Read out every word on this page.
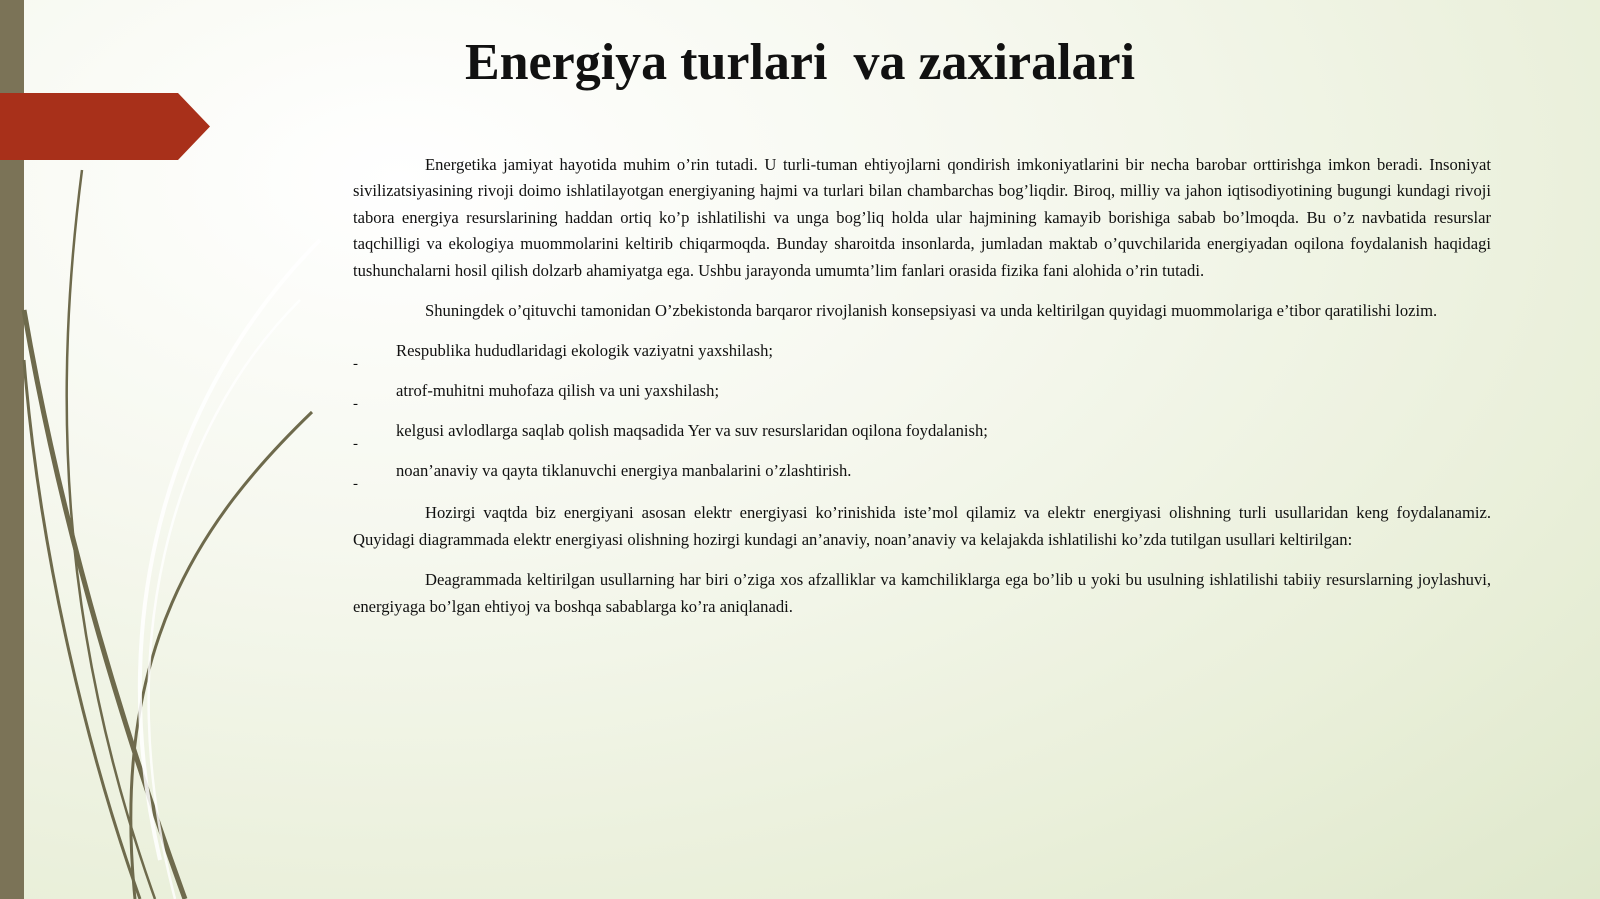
Energiya turlari  va zaxiralari

Energetika jamiyat hayotida muhim o’rin tutadi. U turli-tuman ehtiyojlarni qondirish imkoniyatlarini bir necha barobar orttirishga imkon beradi. Insoniyat sivilizatsiyasining rivoji doimo ishlatilayotgan energiyaning hajmi va turlari bilan chambarchas bog’liqdir. Biroq, milliy va jahon iqtisodiyotining bugungi kundagi rivoji tabora energiya resurslarining haddan ortiq ko’p ishlatilishi va unga bog’liq holda ular hajmining kamayib borishiga sabab bo’lmoqda. Bu o’z navbatida resurslar taqchilligi va ekologiya muommolarini keltirib chiqarmoqda. Bunday sharoitda insonlarda, jumladan maktab o’quvchilarida energiyadan oqilona foydalanish haqidagi tushunchalarni hosil qilish dolzarb ahamiyatga ega. Ushbu jarayonda umumta’lim fanlari orasida fizika fani alohida o’rin tutadi.

Shuningdek o’qituvchi tamonidan O’zbekistonda barqaror rivojlanish konsepsiyasi va unda keltirilgan quyidagi muommolariga e’tibor qaratilishi lozim.

-
Respublika hududlaridagi ekologik vaziyatni yaxshilash;
-
atrof-muhitni muhofaza qilish va uni yaxshilash;
-
kelgusi avlodlarga saqlab qolish maqsadida Yer va suv resurslaridan oqilona foydalanish;
-
noan’anaviy va qayta tiklanuvchi energiya manbalarini o’zlashtirish.

Hozirgi vaqtda biz energiyani asosan elektr energiyasi ko’rinishida iste’mol qilamiz va elektr energiyasi olishning turli usullaridan keng foydalanamiz. Quyidagi diagrammada elektr energiyasi olishning hozirgi kundagi an’anaviy, noan’anaviy va kelajakda ishlatilishi ko’zda tutilgan usullari keltirilgan:

Deagrammada keltirilgan usullarning har biri o’ziga xos afzalliklar va kamchiliklarga ega bo’lib u yoki bu usulning ishlatilishi tabiiy resurslarning joylashuvi, energiyaga bo’lgan ehtiyoj va boshqa sabablarga ko’ra aniqlanadi.
